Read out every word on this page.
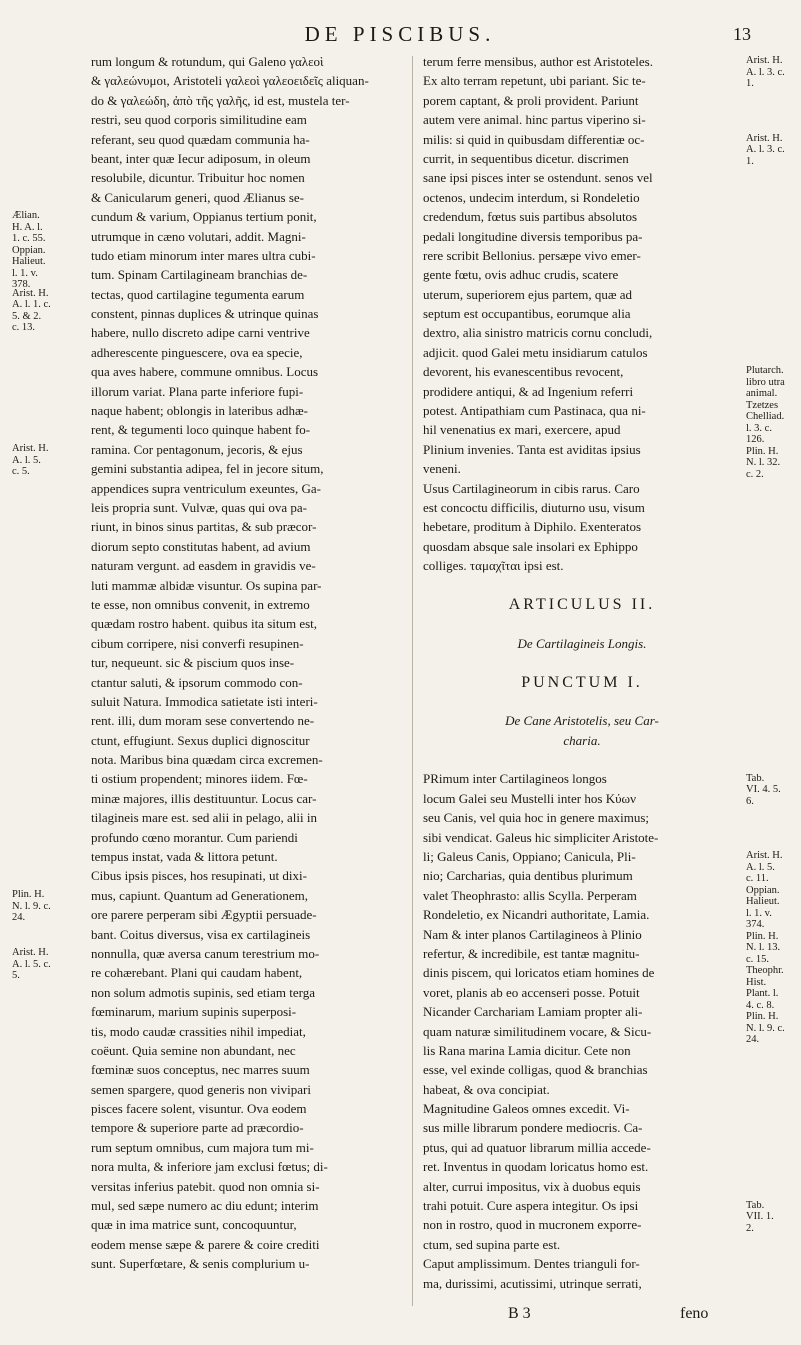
DE PISCIBUS.	13
Ælian.
H. A. l.
1. c. 55.
Oppian.
Halieut.
l. 1. v.
378.
Arist. H.
A. l. 1. c.
5. & 2.
c. 13.
Arist. H.
A. l. 5.
c. 5.
Plin. H.
N. l. 9. c.
24.
Arist. H.
A. l. 5. c.
5.
rum longum & rotundum, qui Galeno γαλεοὶ
& γαλεώνυμοι, Aristoteli γαλεοὶ γαλεοειδεῖς aliquan-
do & γαλεώδη, ἀπὸ τῆς γαλῆς, id est, mustela ter-
restri, seu quod corporis similitudine eam
referant, seu quod quædam communia ha-
beant, inter quæ Iecur adiposum, in oleum
resolubile, dicuntur. Tribuitur hoc nomen
& Canicularum generi, quod Ælianus se-
cundum & varium, Oppianus tertium ponit,
utrumque in cæno volutari, addit. Magni-
tudo etiam minorum inter mares ultra cubi-
tum. Spinam Cartilagineam branchias de-
tectas, quod cartilagine tegumenta earum
constent, pinnas duplices & utrinque quinas
habere, nullo discreto adipe carni ventrive
adherescente pinguescere, ova ea specie,
qua aves habere, commune omnibus. Locus
illorum variat. Plana parte inferiore fupi-
naque habent; oblongis in lateribus adhæ-
rent, & tegumenti loco quinque habent fo-
ramina. Cor pentagonum, jecoris, & ejus
gemini substantia adipea, fel in jecore situm,
appendices supra ventriculum exeuntes, Ga-
leis propria sunt. Vulvæ, quas qui ova pa-
riunt, in binos sinus partitas, & sub præcor-
diorum septo constitutas habent, ad avium
naturam vergunt. ad easdem in gravidis ve-
luti mammæ albidæ visuntur. Os supina par-
te esse, non omnibus convenit, in extremo
quædam rostro habent. quibus ita situm est,
cibum corripere, nisi converfi resupinen-
tur, nequeunt. sic & piscium quos inse-
ctantur saluti, & ipsorum commodo con-
suluit Natura. Immodica satietate isti interi-
rent. illi, dum moram sese convertendo ne-
ctunt, effugiunt. Sexus duplici dignoscitur
nota. Maribus bina quædam circa excremen-
ti ostium propendent; minores iidem. Fœ-
minæ majores, illis destituuntur. Locus car-
tilagineis mare est. sed alii in pelago, alii in
profundo cœno morantur. Cum pariendi
tempus instat, vada & littora petunt.
Cibus ipsis pisces, hos resupinati, ut dixi-
mus, capiunt. Quantum ad Generationem,
ore parere perperam sibi Ægyptii persuade-
bant. Coitus diversus, visa ex cartilagineis
nonnulla, quæ aversa canum terestrium mo-
re cohærebant. Plani qui caudam habent,
non solum admotis supinis, sed etiam terga
fœminarum, marium supinis superposi-
tis, modo caudæ crassities nihil impediat,
coëunt. Quia semine non abundant, nec
fœminæ suos conceptus, nec marres suum
semen spargere, quod generis non vivipari
pisces facere solent, visuntur. Ova eodem
tempore & superiore parte ad præcordio-
rum septum omnibus, cum majora tum mi-
nora multa, & inferiore jam exclusi fœtus; di-
versitas inferius patebit. quod non omnia si-
mul, sed sæpe numero ac diu edunt; interim
quæ in ima matrice sunt, concoquuntur,
eodem mense sæpe & parere & coire crediti
sunt. Superfœtare, & senis complurium u-
terum ferre mensibus, author est Aristoteles.
Ex alto terram repetunt, ubi pariant. Sic te-
porem captant, & proli provident. Pariunt
autem vere animal. hinc partus viperino si-
milis: si quid in quibusdam differentiæ oc-
currit, in sequentibus dicetur. discrimen
sane ipsi pisces inter se ostendunt. senos vel
octenos, undecim interdum, si Rondeletio
credendum, fœtus suis partibus absolutos
pedali longitudine diversis temporibus pa-
rere scribit Bellonius. persæpe vivo emer-
gente fœtu, ovis adhuc crudis, scatere
uterum, superiorem ejus partem, quæ ad
septum est occupantibus, eorumque alia
dextro, alia sinistro matricis cornu concludi,
adjicit. quod Galei metu insidiarum catulos
devorent, his evanescentibus revocent,
prodidere antiqui, & ad Ingenium referri
potest. Antipathiam cum Pastinaca, qua ni-
hil venenatius ex mari, exercere, apud
Plinium invenies. Tanta est aviditas ipsius
veneni.
Usus Cartilagineorum in cibis rarus. Caro
est concoctu difficilis, diuturno usu, visum
hebetare, proditum à Diphilo. Exenteratos
quosdam absque sale insolari ex Ephippo
colliges. ταμαχῖται ipsi est.
ARTICULUS II.
De Cartilagineis Longis.
PUNCTUM I.
De Cane Aristotelis, seu Car-
charia.
PRimum inter Cartilagineos longos
locum Galei seu Mustelli inter hos Κύων
seu Canis, vel quia hoc in genere maximus;
sibi vendicat. Galeus hic simpliciter Aristote-
li; Galeus Canis, Oppiano; Canicula, Pli-
nio; Carcharias, quia dentibus plurimum
valet Theophrasto: allis Scylla. Perperam
Rondeletio, ex Nicandri authoritate, Lamia.
Nam & inter planos Cartilagineos à Plinio
refertur, & incredibile, est tantæ magnitu-
dinis piscem, qui loricatos etiam homines de
voret, planis ab eo accenseri posse. Potuit
Nicander Carchariam Lamiam propter ali-
quam naturæ similitudinem vocare, & Sicu-
lis Rana marina Lamia dicitur. Cete non
esse, vel exinde colligas, quod & branchias
habeat, & ova concipiat.
Magnitudine Galeos omnes excedit. Vi-
sus mille librarum pondere mediocris. Ca-
ptus, qui ad quatuor librarum millia accede-
ret. Inventus in quodam loricatus homo est.
alter, currui impositus, vix à duobus equis
trahi potuit. Cure aspera integitur. Os ipsi
non in rostro, quod in mucronem exporre-
ctum, sed supina parte est.
Caput amplissimum. Dentes trianguli for-
ma, durissimi, acutissimi, utrinque serrati,
Arist. H.
A. l. 3. c.
1.
Arist. H.
A. l. 3. c.
1.
Plutarch.
libro utra
animal.
Tzetzes
Chelliad.
l. 3. c.
126.
Plin. H.
N. l. 32.
c. 2.
Tab.
VI. 4. 5.
6.
Arist. H.
A. l. 5.
c. 11.
Oppian.
Halieut.
l. 1. v.
374.
Plin. H.
N. l. 13.
c. 15.
Theophr.
Hist.
Plant. l.
4. c. 8.
Plin. H.
N. l. 9. c.
24.
Tab.
VII. 1.
2.
B 3	feno
